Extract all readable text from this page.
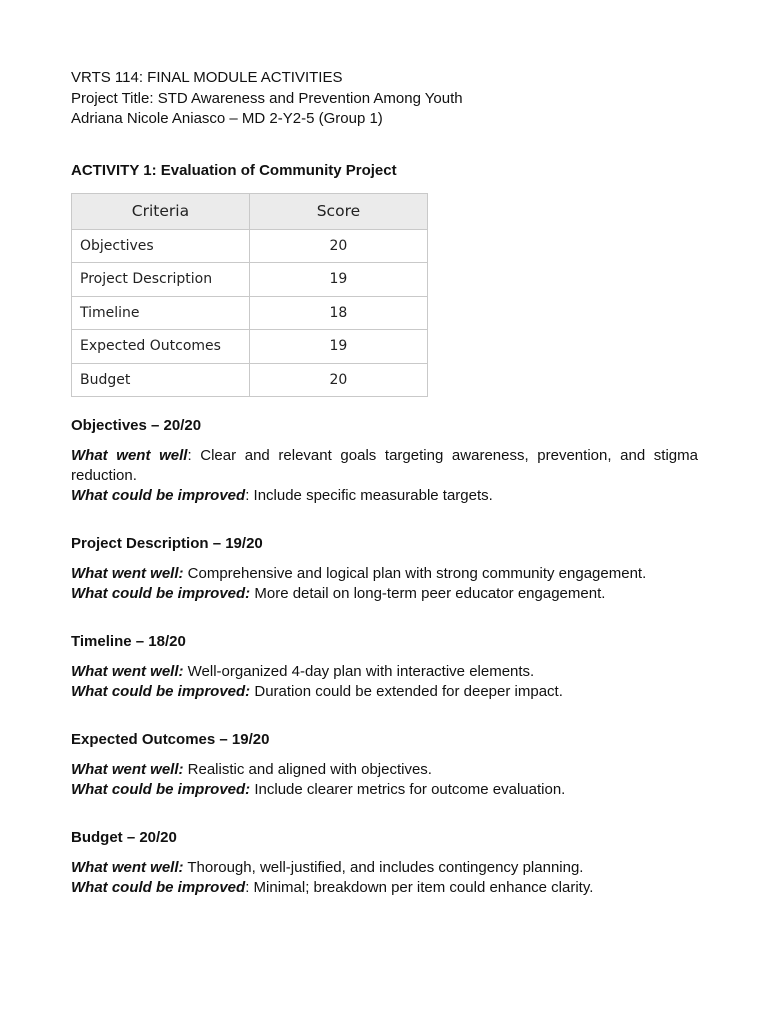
VRTS 114: FINAL MODULE ACTIVITIES
Project Title: STD Awareness and Prevention Among Youth
Adriana Nicole Aniasco – MD 2-Y2-5 (Group 1)
ACTIVITY 1: Evaluation of Community Project
Criteria	Score
Objectives	20
Project Description	19
Timeline	18
Expected Outcomes	19
Budget	20
Objectives – 20/20
What went well: Clear and relevant goals targeting awareness, prevention, and stigma reduction.
What could be improved: Include specific measurable targets.
Project Description – 19/20
What went well: Comprehensive and logical plan with strong community engagement.
What could be improved: More detail on long-term peer educator engagement.
Timeline – 18/20
What went well: Well-organized 4-day plan with interactive elements.
What could be improved: Duration could be extended for deeper impact.
Expected Outcomes – 19/20
What went well: Realistic and aligned with objectives.
What could be improved: Include clearer metrics for outcome evaluation.
Budget – 20/20
What went well: Thorough, well-justified, and includes contingency planning.
What could be improved: Minimal; breakdown per item could enhance clarity.
